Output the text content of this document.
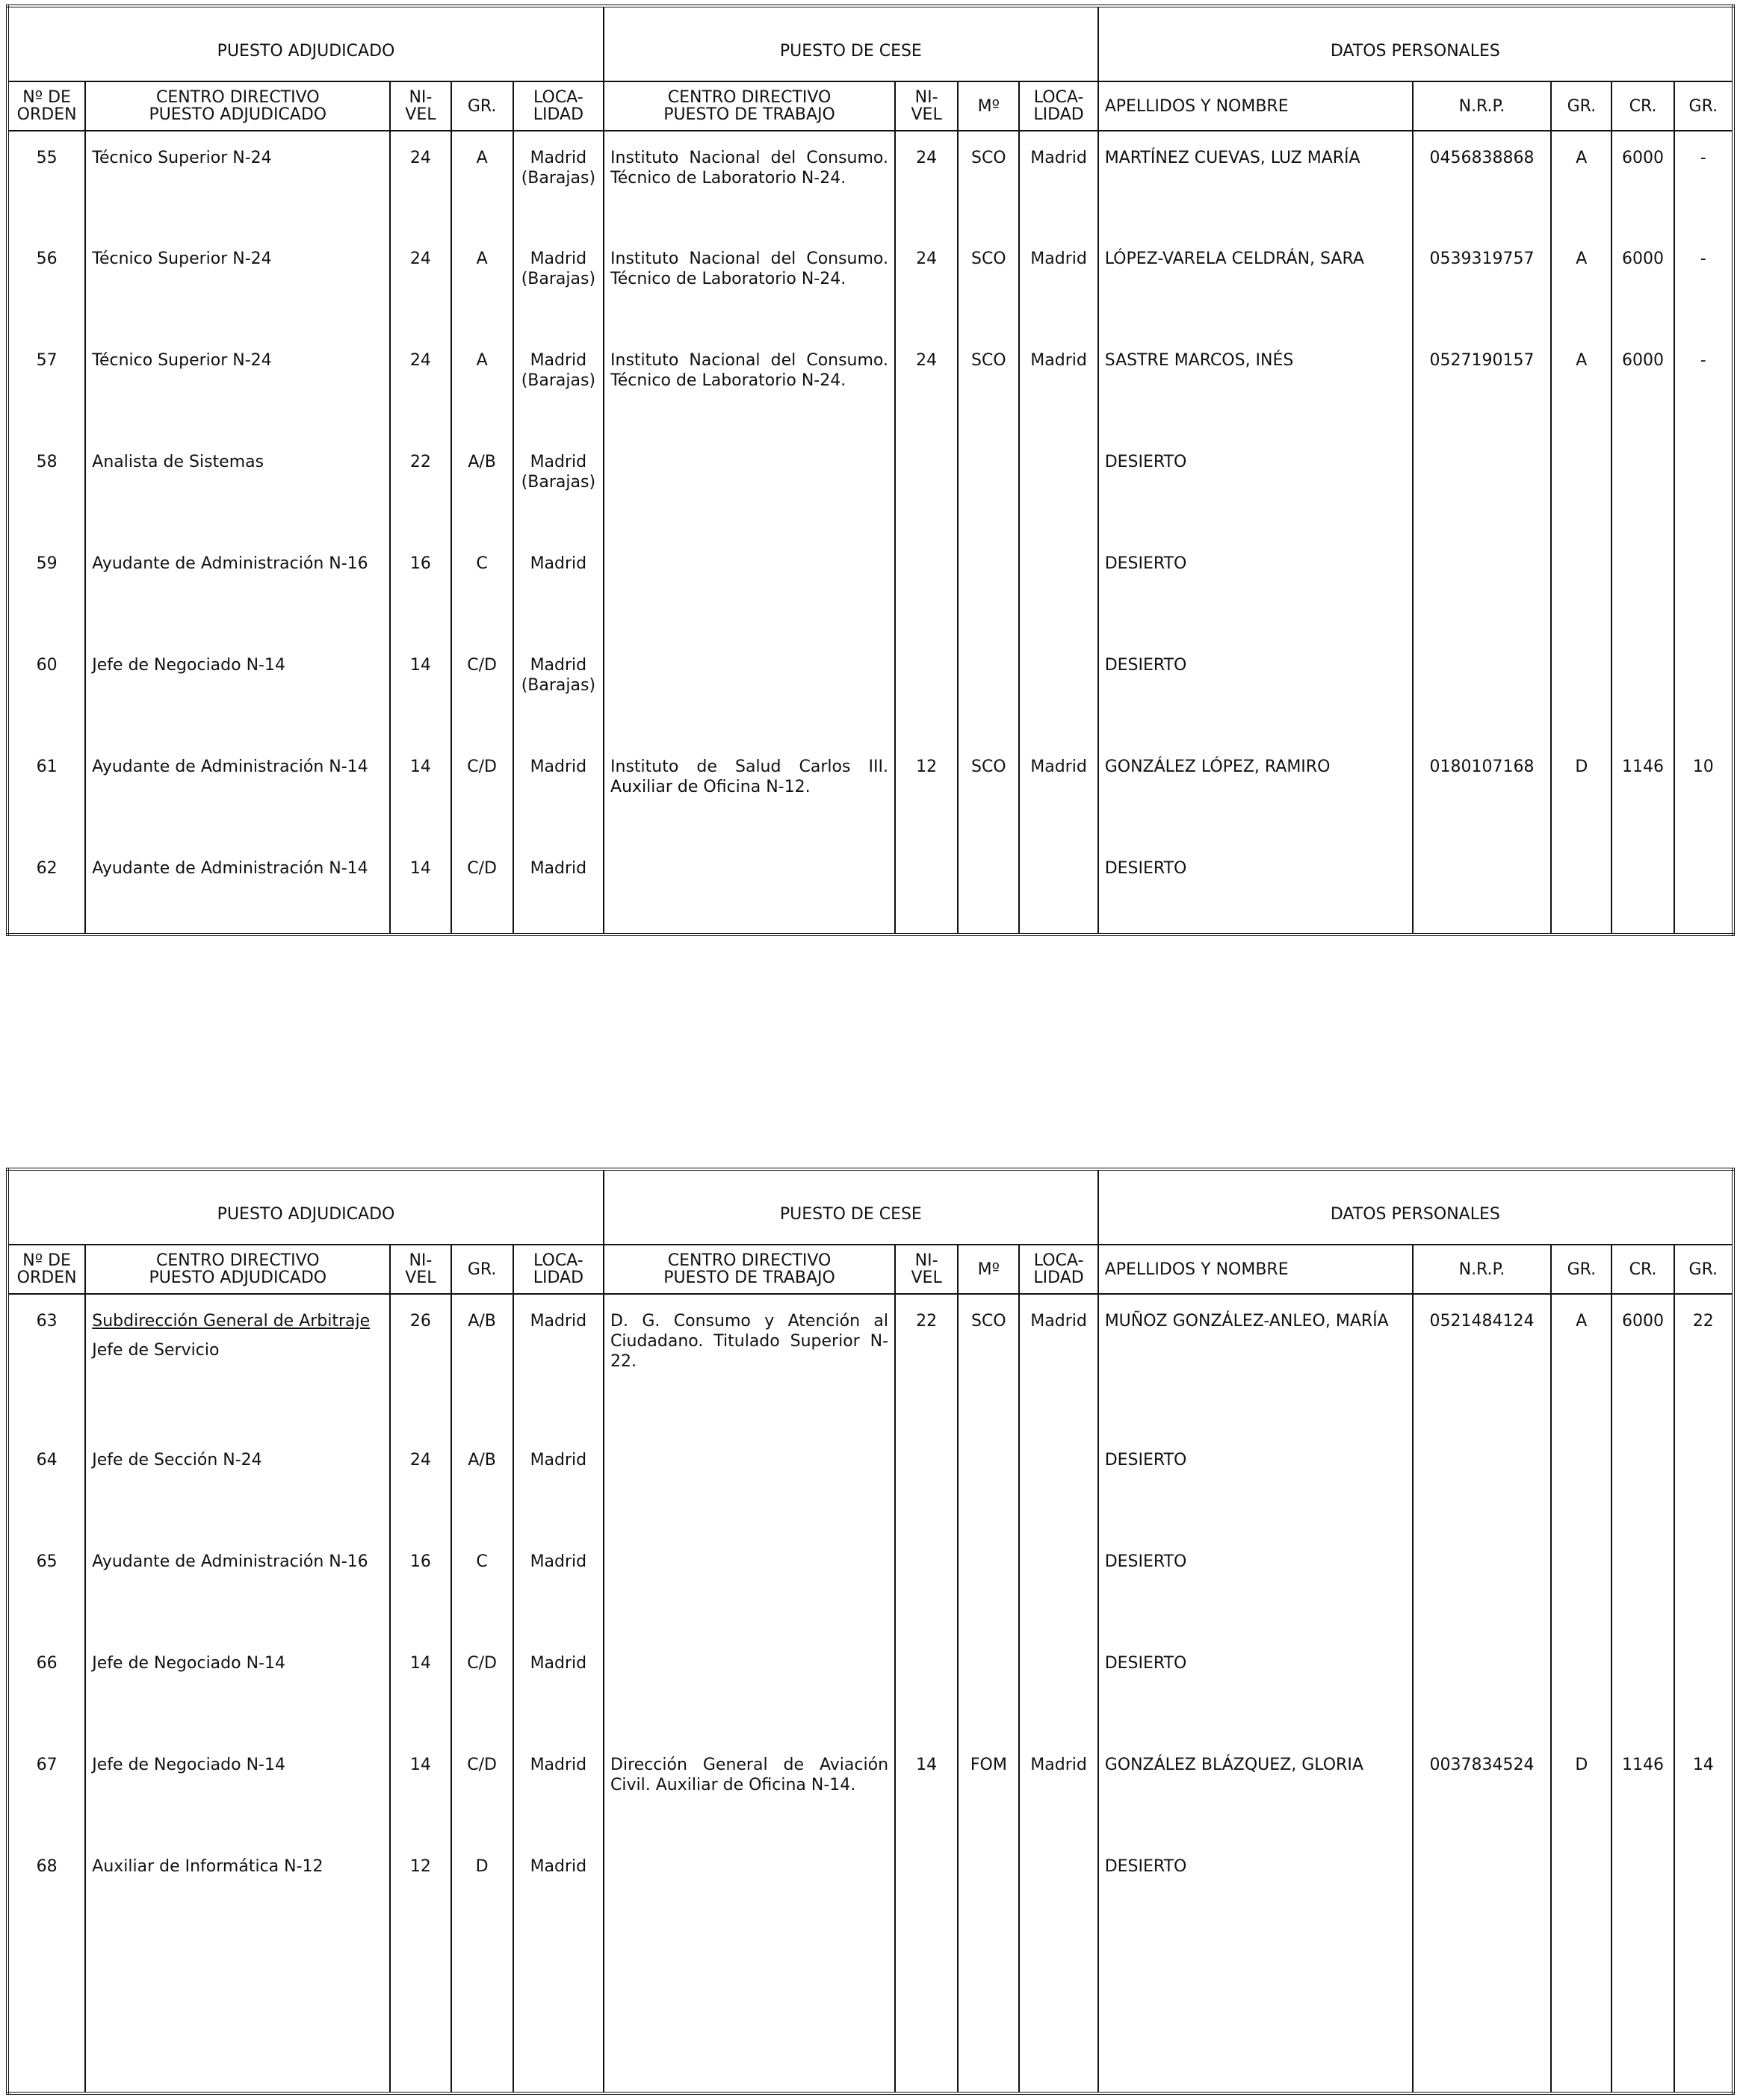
PUESTO ADJUDICADO					PUESTO DE CESE				DATOS PERSONALES				
Nº DE
ORDEN	CENTRO DIRECTIVO
PUESTO ADJUDICADO	NI-
VEL	GR.	LOCA-
LIDAD	CENTRO DIRECTIVO
PUESTO DE TRABAJO	NI-
VEL	Mº	LOCA-
LIDAD	APELLIDOS Y NOMBRE	N.R.P.	GR.	CR.	GR.
55	Técnico Superior N-24	24	A	Madrid (Barajas)	Instituto Nacional del Consumo. Técnico de Laboratorio N-24.	24	SCO	Madrid	MARTÍNEZ CUEVAS, LUZ MARÍA	0456838868	A	6000	-
56	Técnico Superior N-24	24	A	Madrid (Barajas)	Instituto Nacional del Consumo. Técnico de Laboratorio N-24.	24	SCO	Madrid	LÓPEZ-VARELA CELDRÁN, SARA	0539319757	A	6000	-
57	Técnico Superior N-24	24	A	Madrid (Barajas)	Instituto Nacional del Consumo. Técnico de Laboratorio N-24.	24	SCO	Madrid	SASTRE MARCOS, INÉS	0527190157	A	6000	-
58	Analista de Sistemas	22	A/B	Madrid (Barajas)					DESIERTO				
59	Ayudante de Administración N-16	16	C	Madrid					DESIERTO				
60	Jefe de Negociado N-14	14	C/D	Madrid (Barajas)					DESIERTO				
61	Ayudante de Administración N-14	14	C/D	Madrid	Instituto de Salud Carlos III. Auxiliar de Oficina N-12.	12	SCO	Madrid	GONZÁLEZ LÓPEZ, RAMIRO	0180107168	D	1146	10
62	Ayudante de Administración N-14	14	C/D	Madrid					DESIERTO				

PUESTO ADJUDICADO					PUESTO DE CESE				DATOS PERSONALES				
Nº DE
ORDEN	CENTRO DIRECTIVO
PUESTO ADJUDICADO	NI-
VEL	GR.	LOCA-
LIDAD	CENTRO DIRECTIVO
PUESTO DE TRABAJO	NI-
VEL	Mº	LOCA-
LIDAD	APELLIDOS Y NOMBRE	N.R.P.	GR.	CR.	GR.
63	Subdirección General de Arbitraje
Jefe de Servicio	26	A/B	Madrid	D. G. Consumo y Atención al Ciudadano. Titulado Superior N-22.	22	SCO	Madrid	MUÑOZ GONZÁLEZ-ANLEO, MARÍA	0521484124	A	6000	22
64	Jefe de Sección N-24	24	A/B	Madrid					DESIERTO				
65	Ayudante de Administración N-16	16	C	Madrid					DESIERTO				
66	Jefe de Negociado N-14	14	C/D	Madrid					DESIERTO				
67	Jefe de Negociado N-14	14	C/D	Madrid	Dirección General de Aviación Civil. Auxiliar de Oficina N-14.	14	FOM	Madrid	GONZÁLEZ BLÁZQUEZ, GLORIA	0037834524	D	1146	14
68	Auxiliar de Informática N-12	12	D	Madrid					DESIERTO				
